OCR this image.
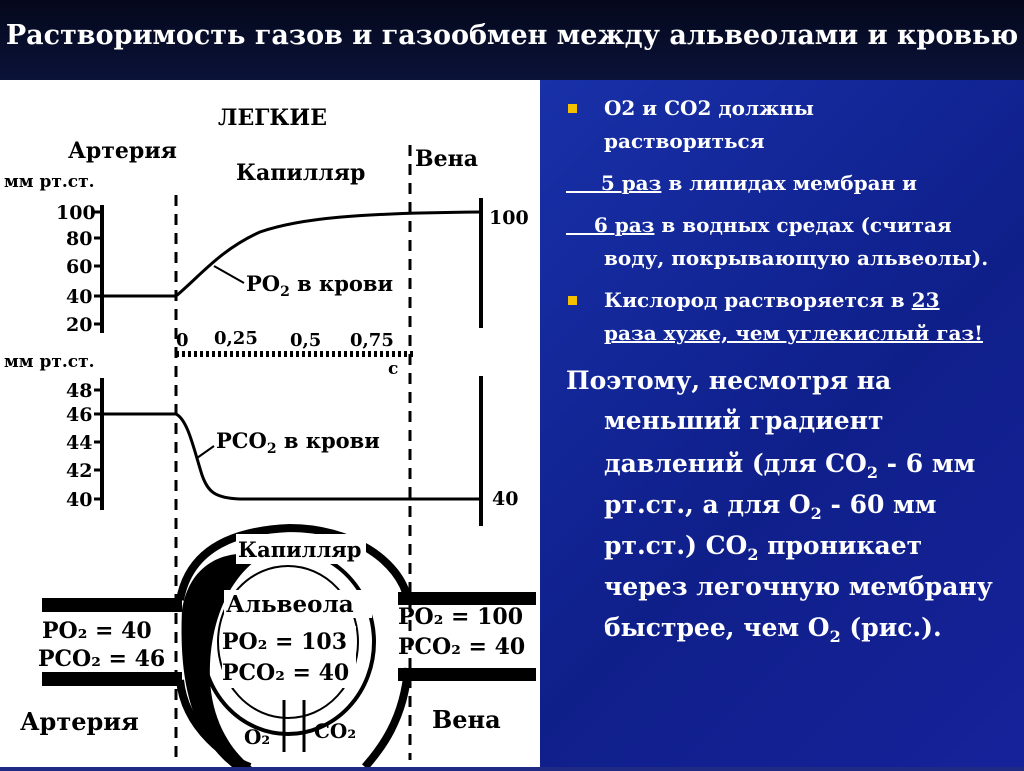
Растворимость газов и газообмен между альвеолами и кровью
ЛЕГКИЕ
Артерия
Капилляр
Вена
мм рт.ст.
100
80
60
40
20
100
$PO_2$ в крови
0 0,25 0,5 0,75
с
мм рт.ст.
48
46
44
42
40	40
$PCO_2$ в крови
Капилляр
Альвеола
PO₂ = 40
PCO₂ = 46
PO₂ = 103
PCO₂ = 40
PO₂ = 100
PCO₂ = 40
Артерия	Вена
O₂ CO₂
O2 и CO2 должны
раствориться
5 раз в липидах мембран и
6 раз в водных средах (считая
воду, покрывающую альвеолы).
Кислород растворяется в 23
раза хуже, чем углекислый газ!
Поэтому, несмотря на
меньший градиент
давлений (для $CO_2 - 6$ мм
рт.ст., а для $O_2 - 60$ мм
рт.ст.) $CO_2$ проникает
через легочную мембрану
быстрее, чем $O_2$ (рис.).
